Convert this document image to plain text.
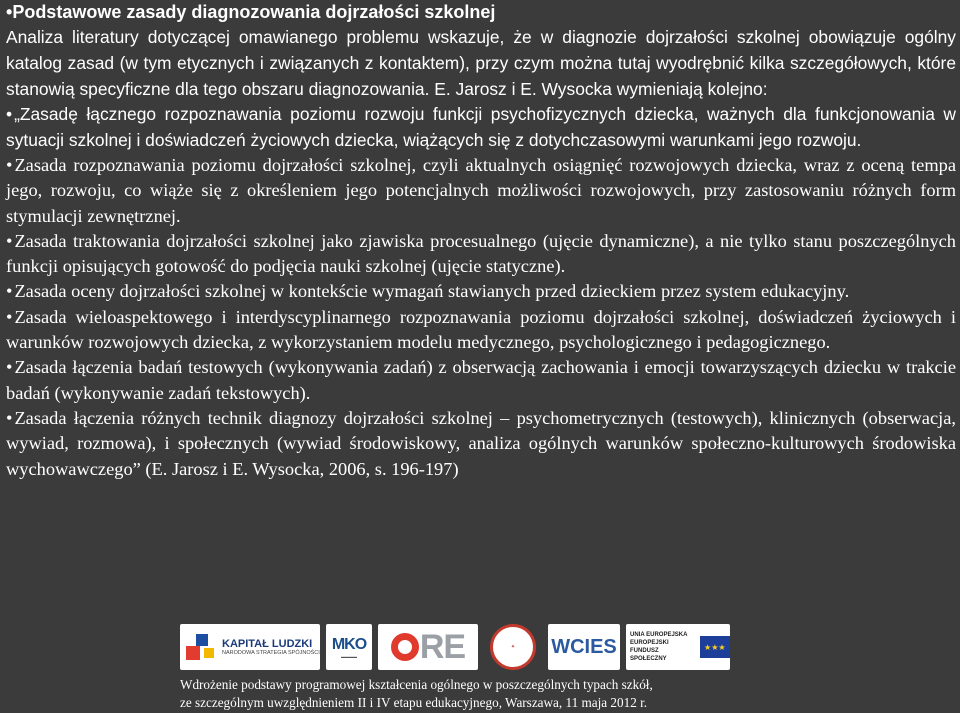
•Podstawowe zasady diagnozowania dojrzałości szkolnej

Analiza literatury dotyczącej omawianego problemu wskazuje, że w diagnozie dojrzałości szkolnej obowiązuje ogólny katalog zasad (w tym etycznych i związanych z kontaktem), przy czym można tutaj wyodrębnić kilka szczegółowych, które stanowią specyficzne dla tego obszaru diagnozowania. E. Jarosz i E. Wysocka wymieniają kolejno:

• „Zasadę łącznego rozpoznawania poziomu rozwoju funkcji psychofizycznych dziecka, ważnych dla funkcjonowania w sytuacji szkolnej i doświadczeń życiowych dziecka, wiążących się z dotychczasowymi warunkami jego rozwoju.

• Zasada rozpoznawania poziomu dojrzałości szkolnej, czyli aktualnych osiągnięć rozwojowych dziecka, wraz z oceną tempa jego, rozwoju, co wiąże się z określeniem jego potencjalnych możliwości rozwojowych, przy zastosowaniu różnych form stymulacji zewnętrznej.

• Zasada traktowania dojrzałości szkolnej jako zjawiska procesualnego (ujęcie dynamiczne), a nie tylko stanu poszczególnych funkcji opisujących gotowość do podjęcia nauki szkolnej (ujęcie statyczne).

• Zasada oceny dojrzałości szkolnej w kontekście wymagań stawianych przed dzieckiem przez system edukacyjny.

• Zasada wieloaspektowego i interdyscyplinarnego rozpoznawania poziomu dojrzałości szkolnej, doświadczeń życiowych i warunków rozwojowych dziecka, z wykorzystaniem modelu medycznego, psychologicznego i pedagogicznego.

• Zasada łączenia badań testowych (wykonywania zadań) z obserwacją zachowania i emocji towarzyszących dziecku w trakcie badań (wykonywanie zadań tekstowych).

• Zasada łączenia różnych technik diagnozy dojrzałości szkolnej – psychometrycznych (testowych), klinicznych (obserwacja, wywiad, rozmowa), i społecznych (wywiad środowiskowy, analiza ogólnych warunków społeczno-kulturowych środowiska wychowawczego” (E. Jarosz i E. Wysocka, 2006, s. 196-197)

KAPITAŁ LUDZKI
NARODOWA STRATEGIA SPÓJNOŚCI
MKO
▬▬▬▬ RE	✦	WCIES
UNIA EUROPEJSKA
EUROPEJSKI
FUNDUSZ SPOŁECZNY
★★★
Wdrożenie podstawy programowej kształcenia ogólnego w poszczególnych typach szkół,
ze szczególnym uwzględnieniem II i IV etapu edukacyjnego, Warszawa, 11 maja 2012 r.
